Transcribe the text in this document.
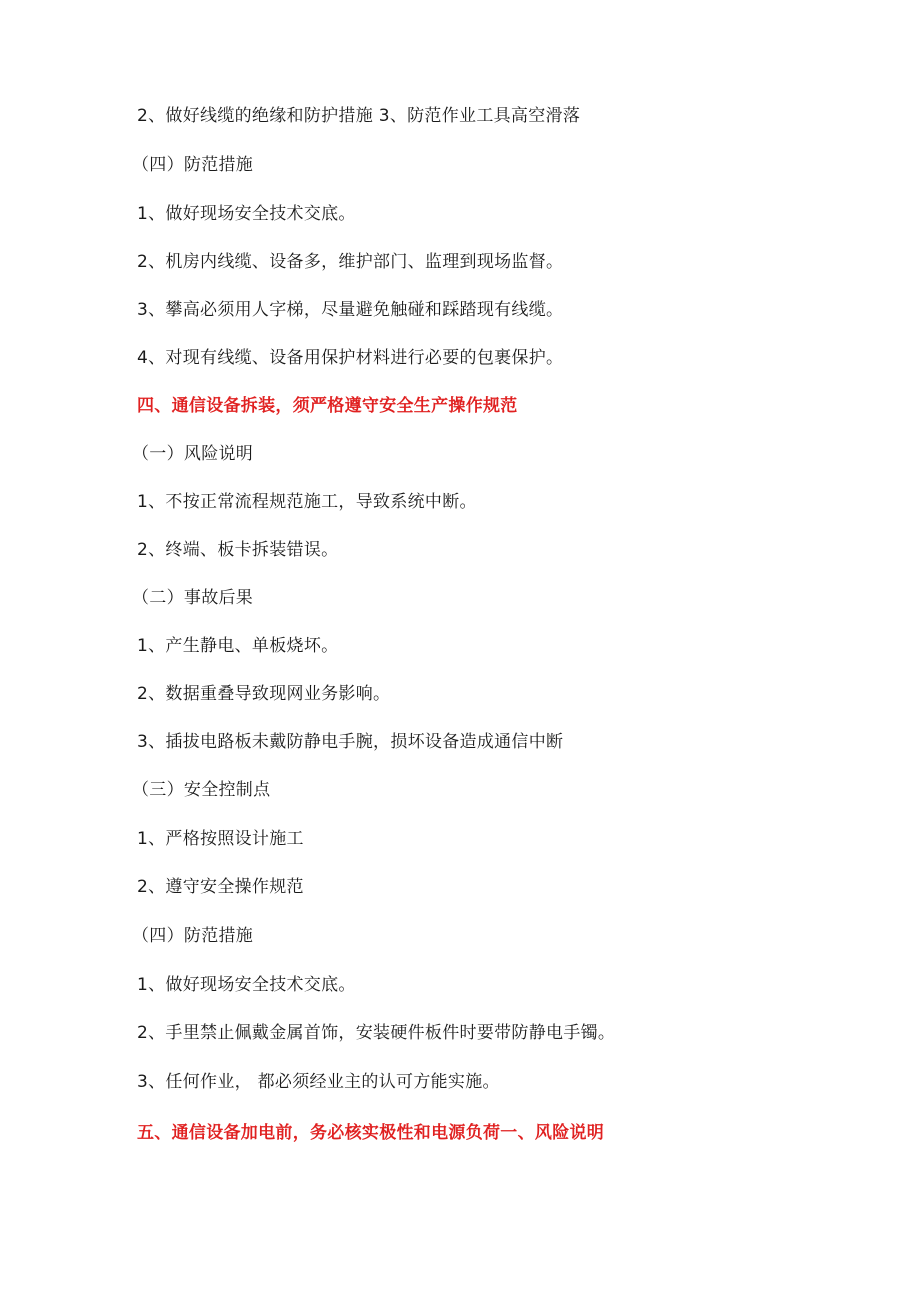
2、做好线缆的绝缘和防护措施 3、防范作业工具高空滑落
（四）防范措施
1、做好现场安全技术交底。
2、机房内线缆、设备多，维护部门、监理到现场监督。
3、攀高必须用人字梯，尽量避免触碰和踩踏现有线缆。
4、对现有线缆、设备用保护材料进行必要的包裹保护。
四、通信设备拆装，须严格遵守安全生产操作规范
（一）风险说明
1、不按正常流程规范施工，导致系统中断。
2、终端、板卡拆装错误。
（二）事故后果
1、产生静电、单板烧坏。
2、数据重叠导致现网业务影响。
3、插拔电路板未戴防静电手腕，损坏设备造成通信中断
（三）安全控制点
1、严格按照设计施工
2、遵守安全操作规范
（四）防范措施
1、做好现场安全技术交底。
2、手里禁止佩戴金属首饰，安装硬件板件时要带防静电手镯。
3、任何作业， 都必须经业主的认可方能实施。
五、通信设备加电前，务必核实极性和电源负荷一、风险说明
